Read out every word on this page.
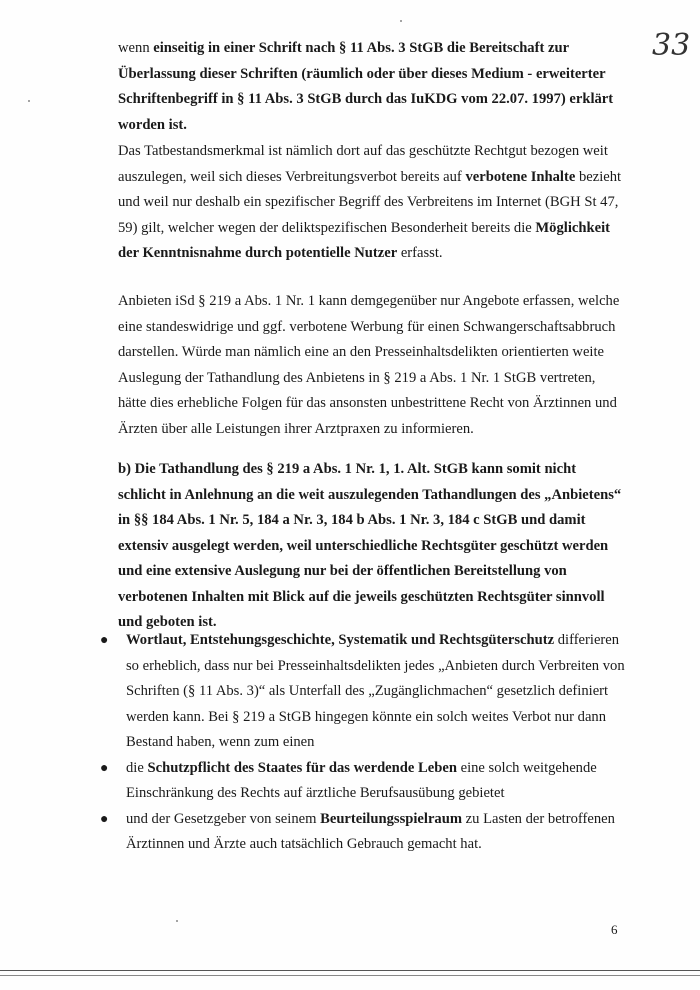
33

wenn einseitig in einer Schrift nach § 11 Abs. 3 StGB die Bereitschaft zur Überlassung dieser Schriften (räumlich oder über dieses Medium - erweiterter Schriftenbegriff in § 11 Abs. 3 StGB durch das IuKDG vom 22.07. 1997) erklärt worden ist.

Das Tatbestandsmerkmal ist nämlich dort auf das geschützte Rechtgut bezogen weit auszulegen, weil sich dieses Verbreitungsverbot bereits auf verbotene Inhalte bezieht und weil nur deshalb ein spezifischer Begriff des Verbreitens im Internet (BGH St 47, 59) gilt, welcher wegen der deliktspezifischen Besonderheit bereits die Möglichkeit der Kenntnisnahme durch potentielle Nutzer erfasst.

Anbieten iSd § 219 a Abs. 1 Nr. 1 kann demgegenüber nur Angebote erfassen, welche eine standeswidrige und ggf. verbotene Werbung für einen Schwangerschaftsabbruch darstellen. Würde man nämlich eine an den Presseinhaltsdelikten orientierten weite Auslegung der Tathandlung des Anbietens in § 219 a Abs. 1 Nr. 1 StGB vertreten, hätte dies erhebliche Folgen für das ansonsten unbestrittene Recht von Ärztinnen und Ärzten über alle Leistungen ihrer Arztpraxen zu informieren.

b) Die Tathandlung des § 219 a Abs. 1 Nr. 1, 1. Alt. StGB kann somit nicht schlicht in Anlehnung an die weit auszulegenden Tathandlungen des „Anbietens“ in §§ 184 Abs. 1 Nr. 5, 184 a Nr. 3, 184 b Abs. 1 Nr. 3, 184 c StGB und damit extensiv ausgelegt werden, weil unterschiedliche Rechtsgüter geschützt werden und eine extensive Auslegung nur bei der öffentlichen Bereitstellung von verbotenen Inhalten mit Blick auf die jeweils geschützten Rechtsgüter sinnvoll und geboten ist.

● Wortlaut, Entstehungsgeschichte, Systematik und Rechtsgüterschutz differieren so erheblich, dass nur bei Presseinhaltsdelikten jedes „Anbieten durch Verbreiten von Schriften (§ 11 Abs. 3)“ als Unterfall des „Zugänglichmachen“ gesetzlich definiert werden kann. Bei § 219 a StGB hingegen könnte ein solch weites Verbot nur dann Bestand haben, wenn zum einen
● die Schutzpflicht des Staates für das werdende Leben eine solch weitgehende Einschränkung des Rechts auf ärztliche Berufsausübung gebietet
● und der Gesetzgeber von seinem Beurteilungsspielraum zu Lasten der betroffenen Ärztinnen und Ärzte auch tatsächlich Gebrauch gemacht hat.
6
